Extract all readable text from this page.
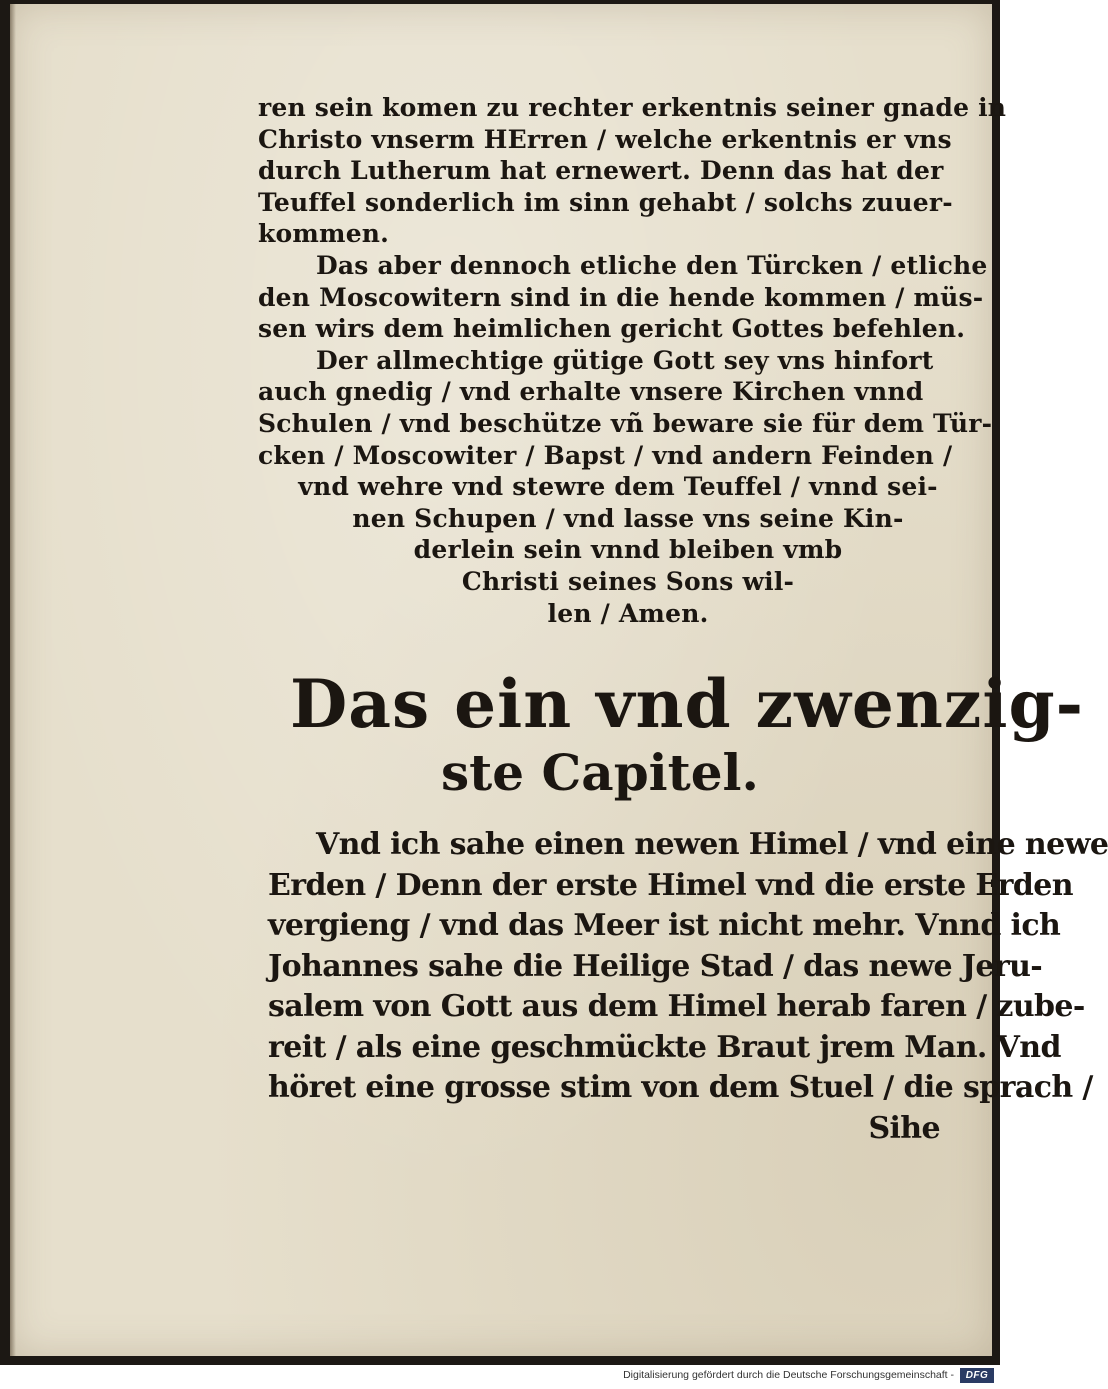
ren sein komen zu rechter erkentnis seiner gnade in
Christo vnserm HErren / welche erkentnis er vns
durch Lutherum hat ernewert. Denn das hat der
Teuffel sonderlich im sinn gehabt / solchs zuuer-
kommen.
Das aber dennoch etliche den Türcken / etliche
den Moscowitern sind in die hende kommen / müs-
sen wirs dem heimlichen gericht Gottes befehlen.
Der allmechtige gütige Gott sey vns hinfort
auch gnedig / vnd erhalte vnsere Kirchen vnnd
Schulen / vnd beschütze vñ beware sie für dem Tür-
cken / Moscowiter / Bapst / vnd andern Feinden /
vnd wehre vnd stewre dem Teuffel / vnnd sei-
nen Schupen / vnd lasse vns seine Kin-
derlein sein vnnd bleiben vmb
Christi seines Sons wil-
len / Amen.
Das ein vnd zwenzig-
ste Capitel.
Vnd ich sahe einen newen Himel / vnd eine newe
Erden / Denn der erste Himel vnd die erste Erden
vergieng / vnd das Meer ist nicht mehr. Vnnd ich
Johannes sahe die Heilige Stad / das newe Jeru-
salem von Gott aus dem Himel herab faren / zube-
reit / als eine geschmückte Braut jrem Man. Vnd
höret eine grosse stim von dem Stuel / die sprach /
Sihe
Digitalisierung gefördert durch die Deutsche Forschungsgemeinschaft -	DFG
